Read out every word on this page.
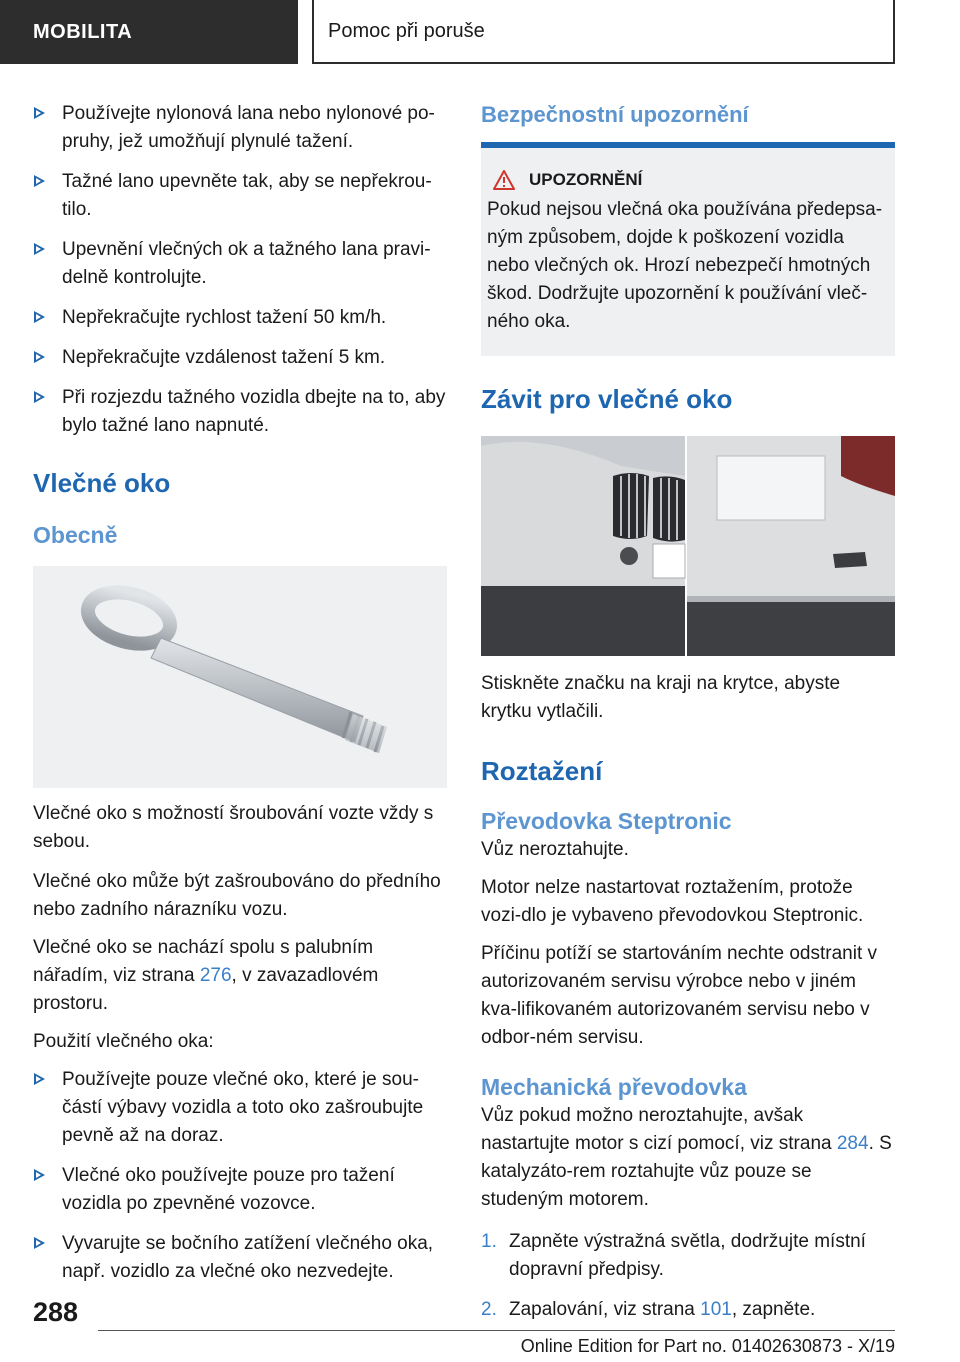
MOBILITA	Pomoc při poruše
Používejte nylonová lana nebo nylonové po-pruhy, jež umožňují plynulé tažení.
Tažné lano upevněte tak, aby se nepřekrou-tilo.
Upevnění vlečných ok a tažného lana pravi-delně kontrolujte.
Nepřekračujte rychlost tažení 50 km/h.
Nepřekračujte vzdálenost tažení 5 km.
Při rozjezdu tažného vozidla dbejte na to, aby bylo tažné lano napnuté.
Vlečné oko
Obecně

Vlečné oko s možností šroubování vozte vždy s sebou.

Vlečné oko může být zašroubováno do předního nebo zadního nárazníku vozu.

Vlečné oko se nachází spolu s palubním nářadím, viz strana 276, v zavazadlovém prostoru.

Použití vlečného oka:

Používejte pouze vlečné oko, které je sou-částí výbavy vozidla a toto oko zašroubujte pevně až na doraz.
Vlečné oko používejte pouze pro tažení vozidla po zpevněné vozovce.
Vyvarujte se bočního zatížení vlečného oka, např. vozidlo za vlečné oko nezvedejte.
Bezpečnostní upozornění
UPOZORNĚNÍ

Pokud nejsou vlečná oka používána předepsa-ným způsobem, dojde k poškození vozidla nebo vlečných ok. Hrozí nebezpečí hmotných škod. Dodržujte upozornění k používání vleč-ného oka.

Závit pro vlečné oko

Stiskněte značku na kraji na krytce, abyste krytku vytlačili.

Roztažení
Převodovka Steptronic

Vůz neroztahujte.

Motor nelze nastartovat roztažením, protože vozi-dlo je vybaveno převodovkou Steptronic.

Příčinu potíží se startováním nechte odstranit v autorizovaném servisu výrobce nebo v jiném kva-lifikovaném autorizovaném servisu nebo v odbor-ném servisu.

Mechanická převodovka

Vůz pokud možno neroztahujte, avšak nastartujte motor s cizí pomocí, viz strana 284. S katalyzáto-rem roztahujte vůz pouze se studeným motorem.

1. Zapněte výstražná světla, dodržujte místní dopravní předpisy.
2. Zapalování, viz strana 101, zapněte.
288
Online Edition for Part no. 01402630873 - X/19
